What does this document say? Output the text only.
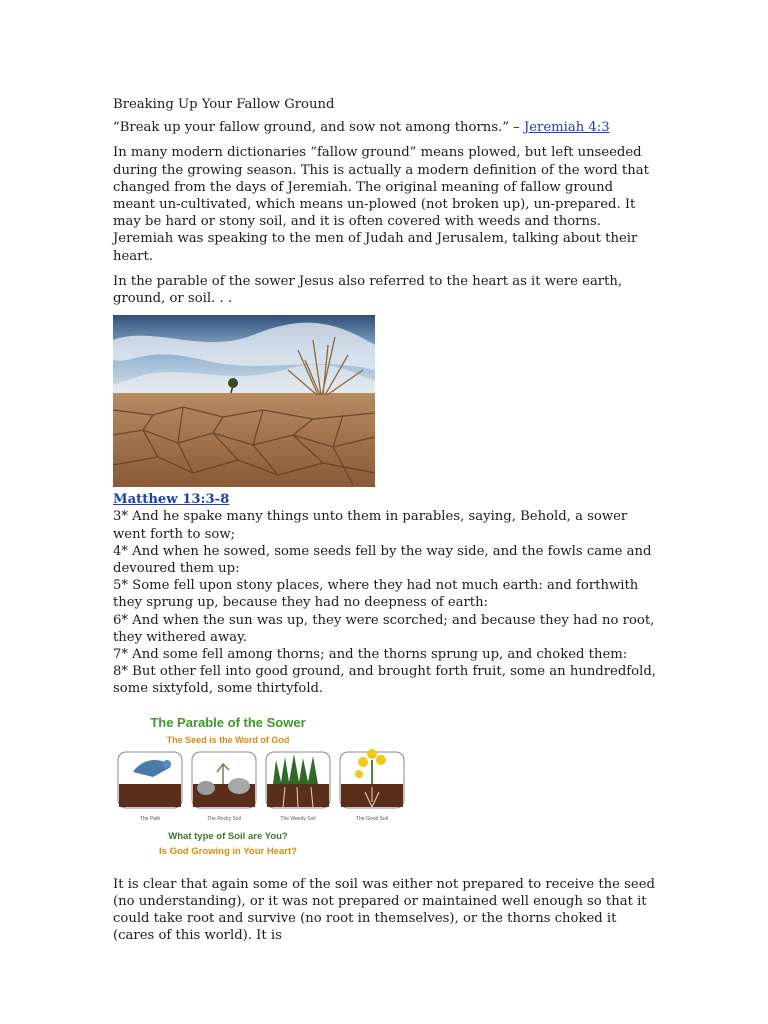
Breaking Up Your Fallow Ground

“Break up your fallow ground, and sow not among thorns.” – Jeremiah 4:3

In many modern dictionaries “fallow ground” means plowed, but left unseeded during the growing season. This is actually a modern definition of the word that changed from the days of Jeremiah. The original meaning of fallow ground meant un-cultivated, which means un-plowed (not broken up), un-prepared. It may be hard or stony soil, and it is often covered with weeds and thorns. Jeremiah was speaking to the men of Judah and Jerusalem, talking about their heart.

In the parable of the sower Jesus also referred to the heart as it were earth, ground, or soil. . .

Matthew 13:3-8

3* And he spake many things unto them in parables, saying, Behold, a sower went forth to sow;

4* And when he sowed, some seeds fell by the way side, and the fowls came and devoured them up:

5* Some fell upon stony places, where they had not much earth: and forthwith they sprung up, because they had no deepness of earth:

6* And when the sun was up, they were scorched; and because they had no root, they withered away.

7* And some fell among thorns; and the thorns sprung up, and choked them:

8* But other fell into good ground, and brought forth fruit, some an hundredfold, some sixtyfold, some thirtyfold.

The Parable of the Sower
The Seed is the Word of God
The Path	The Rocky Soil	The Weedy Soil	The Good Soil
What type of Soil are You?
Is God Growing in Your Heart?

It is clear that again some of the soil was either not prepared to receive the seed (no understanding), or it was not prepared or maintained well enough so that it could take root and survive (no root in themselves), or the thorns choked it (cares of this world). It is
